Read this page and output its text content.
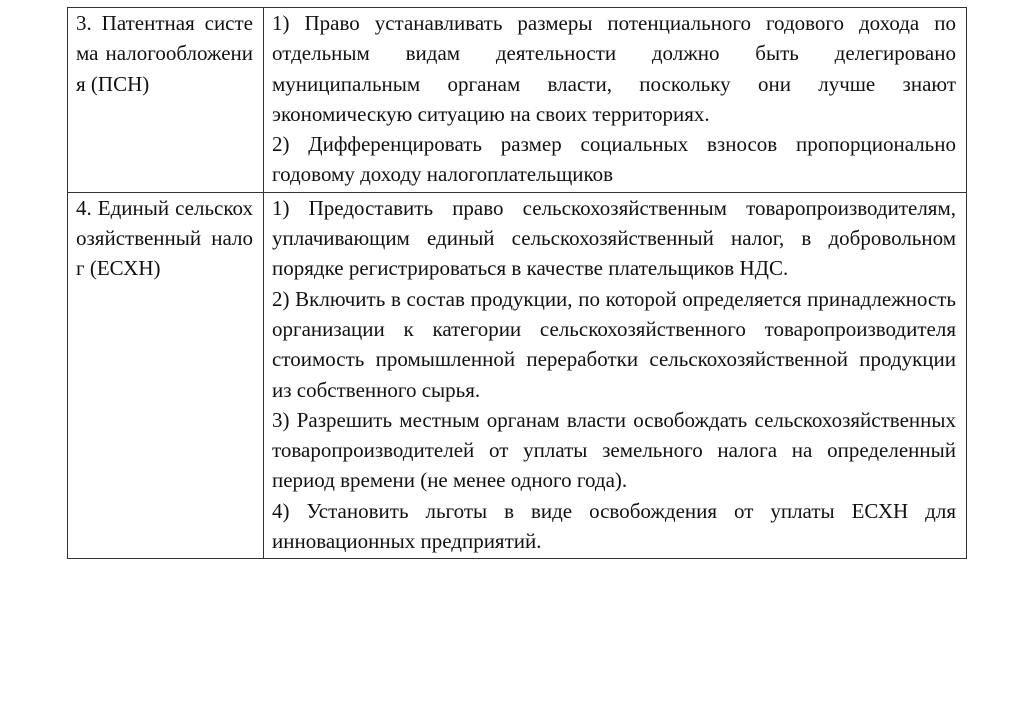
3. Патентная система налогообложения (ПСН)	1) Право устанавливать размеры потенциального годового дохода по отдельным видам деятельности должно быть делегировано муниципальным органам власти, поскольку они лучше знают экономическую ситуацию на своих территориях.

2) Дифференцировать размер социальных взносов пропорционально годовому доходу налогоплательщиков

4. Единый сельскохозяйственный налог (ЕСХН)	1) Предоставить право сельскохозяйственным товаропроизводителям, уплачивающим единый сельскохозяйственный налог, в добровольном порядке регистрироваться в качестве плательщиков НДС.

2) Включить в состав продукции, по которой определяется принадлежность организации к категории сельскохозяйственного товаропроизводителя стоимость промышленной переработки сельскохозяйственной продукции из собственного сырья.

3) Разрешить местным органам власти освобождать сельскохозяйственных товаропроизводителей от уплаты земельного налога на определенный период времени (не менее одного года).

4) Установить льготы в виде освобождения от уплаты ЕСХН для инновационных предприятий.
